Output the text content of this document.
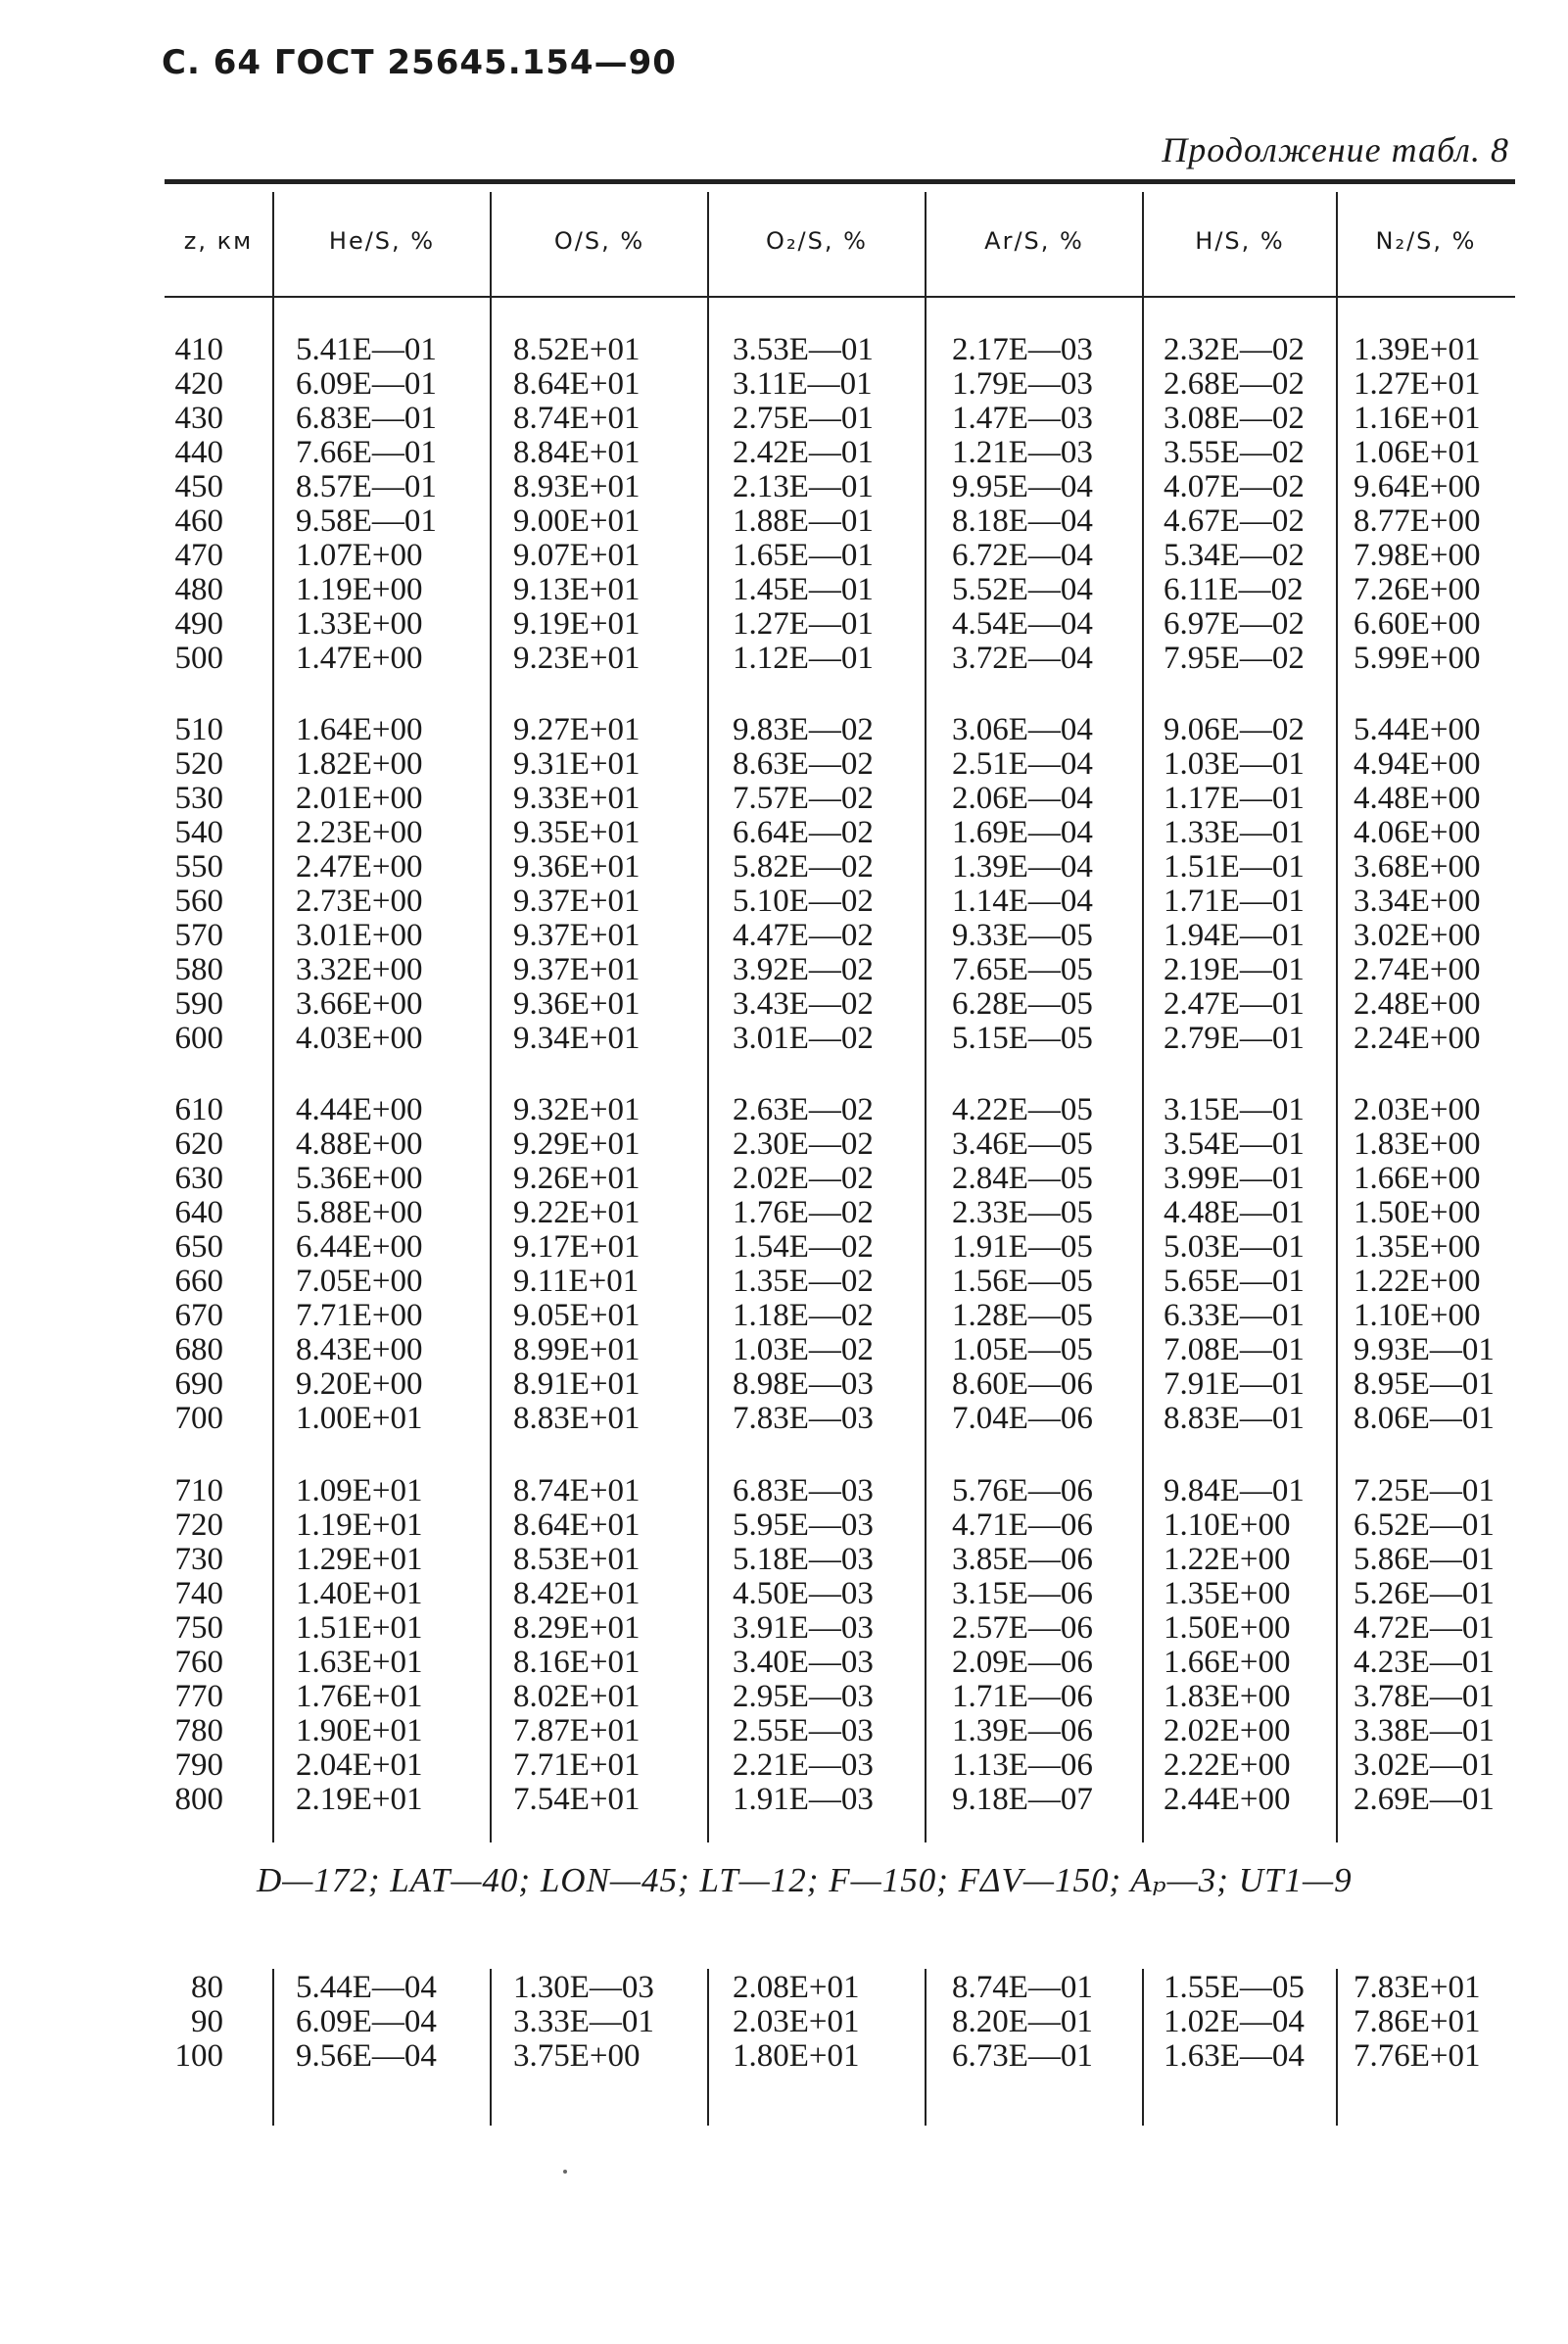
С. 64 ГОСТ 25645.154—90
Продолжение табл. 8
z, км	He/S, %	O/S, %	O₂/S, %	Ar/S, %	H/S, %	N₂/S, %
410 5.41E—01 8.52E+01	3.53E—01 2.17E—03 2.32E—02 1.39E+01
420 6.09E—01 8.64E+01	3.11E—01 1.79E—03 2.68E—02 1.27E+01
430 6.83E—01 8.74E+01	2.75E—01 1.47E—03 3.08E—02 1.16E+01
440 7.66E—01 8.84E+01	2.42E—01 1.21E—03 3.55E—02 1.06E+01
450 8.57E—01 8.93E+01	2.13E—01 9.95E—04 4.07E—02 9.64E+00
460 9.58E—01 9.00E+01	1.88E—01 8.18E—04 4.67E—02 8.77E+00
470 1.07E+00	9.07E+01	1.65E—01 6.72E—04 5.34E—02 7.98E+00
480 1.19E+00	9.13E+01	1.45E—01 5.52E—04 6.11E—02 7.26E+00
490 1.33E+00	9.19E+01	1.27E—01 4.54E—04 6.97E—02 6.60E+00
500 1.47E+00	9.23E+01	1.12E—01 3.72E—04 7.95E—02 5.99E+00
510 1.64E+00	9.27E+01	9.83E—02 3.06E—04 9.06E—02 5.44E+00
520 1.82E+00	9.31E+01	8.63E—02 2.51E—04 1.03E—01 4.94E+00
530 2.01E+00	9.33E+01	7.57E—02 2.06E—04 1.17E—01 4.48E+00
540 2.23E+00	9.35E+01	6.64E—02 1.69E—04 1.33E—01 4.06E+00
550 2.47E+00	9.36E+01	5.82E—02 1.39E—04 1.51E—01 3.68E+00
560 2.73E+00	9.37E+01	5.10E—02 1.14E—04 1.71E—01 3.34E+00
570 3.01E+00	9.37E+01	4.47E—02 9.33E—05 1.94E—01 3.02E+00
580 3.32E+00	9.37E+01	3.92E—02 7.65E—05 2.19E—01 2.74E+00
590 3.66E+00	9.36E+01	3.43E—02 6.28E—05 2.47E—01 2.48E+00
600 4.03E+00	9.34E+01	3.01E—02 5.15E—05 2.79E—01 2.24E+00
610 4.44E+00	9.32E+01	2.63E—02 4.22E—05 3.15E—01 2.03E+00
620 4.88E+00	9.29E+01	2.30E—02 3.46E—05 3.54E—01 1.83E+00
630 5.36E+00	9.26E+01	2.02E—02 2.84E—05 3.99E—01 1.66E+00
640 5.88E+00	9.22E+01	1.76E—02 2.33E—05 4.48E—01 1.50E+00
650 6.44E+00	9.17E+01	1.54E—02 1.91E—05 5.03E—01 1.35E+00
660 7.05E+00	9.11E+01	1.35E—02 1.56E—05 5.65E—01 1.22E+00
670 7.71E+00	9.05E+01	1.18E—02 1.28E—05 6.33E—01 1.10E+00
680 8.43E+00	8.99E+01	1.03E—02 1.05E—05 7.08E—01 9.93E—01
690 9.20E+00	8.91E+01	8.98E—03 8.60E—06 7.91E—01 8.95E—01
700 1.00E+01	8.83E+01	7.83E—03 7.04E—06 8.83E—01 8.06E—01
710 1.09E+01	8.74E+01	6.83E—03 5.76E—06 9.84E—01 7.25E—01
720 1.19E+01	8.64E+01	5.95E—03 4.71E—06 1.10E+00 6.52E—01
730 1.29E+01	8.53E+01	5.18E—03 3.85E—06 1.22E+00 5.86E—01
740 1.40E+01	8.42E+01	4.50E—03 3.15E—06 1.35E+00 5.26E—01
750 1.51E+01	8.29E+01	3.91E—03 2.57E—06 1.50E+00 4.72E—01
760 1.63E+01	8.16E+01	3.40E—03 2.09E—06 1.66E+00 4.23E—01
770 1.76E+01	8.02E+01	2.95E—03 1.71E—06 1.83E+00 3.78E—01
780 1.90E+01	7.87E+01	2.55E—03 1.39E—06 2.02E+00 3.38E—01
790 2.04E+01	7.71E+01	2.21E—03 1.13E—06 2.22E+00 3.02E—01
800 2.19E+01	7.54E+01	1.91E—03 9.18E—07 2.44E+00 2.69E—01
D—172; LAT—40; LON—45; LT—12; F—150; FΔV—150; Aₚ—3; UT1—9
80 5.44E—04 1.30E—03 2.08E+01	8.74E—01 1.55E—05 7.83E+01
90 6.09E—04 3.33E—01 2.03E+01	8.20E—01 1.02E—04 7.86E+01
100 9.56E—04 3.75E+00	1.80E+01	6.73E—01 1.63E—04 7.76E+01
